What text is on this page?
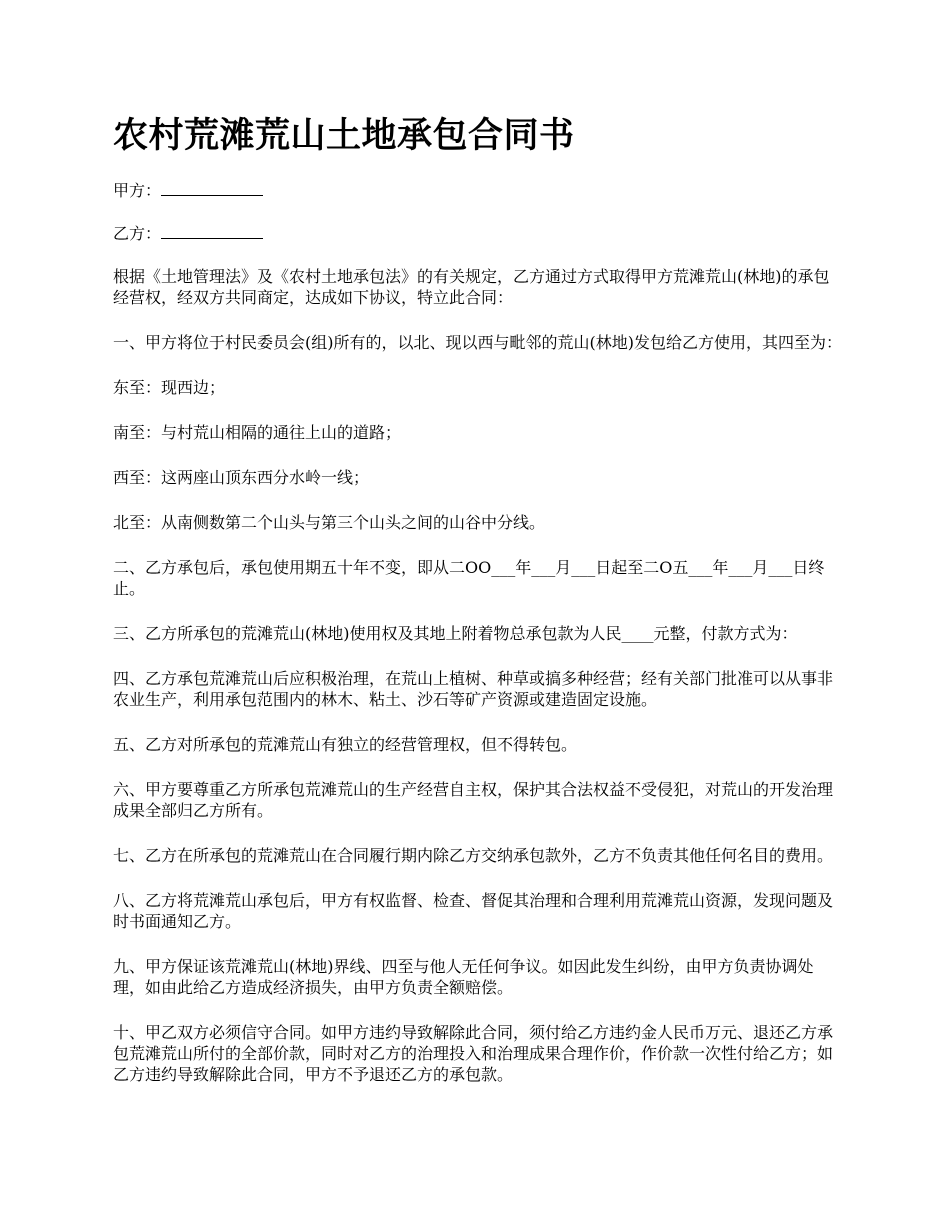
农村荒滩荒山土地承包合同书

甲方：

乙方：

根据《土地管理法》及《农村土地承包法》的有关规定，乙方通过方式取得甲方荒滩荒山(林地)的承包经营权，经双方共同商定，达成如下协议，特立此合同：

一、甲方将位于村民委员会(组)所有的，以北、现以西与毗邻的荒山(林地)发包给乙方使用，其四至为：

东至：现西边；

南至：与村荒山相隔的通往上山的道路；

西至：这两座山顶东西分水岭一线；

北至：从南侧数第二个山头与第三个山头之间的山谷中分线。

二、乙方承包后，承包使用期五十年不变，即从二OO___年___月___日起至二O五___年___月___日终止。

三、乙方所承包的荒滩荒山(林地)使用权及其地上附着物总承包款为人民____元整，付款方式为：

四、乙方承包荒滩荒山后应积极治理，在荒山上植树、种草或搞多种经营；经有关部门批准可以从事非农业生产，利用承包范围内的林木、粘土、沙石等矿产资源或建造固定设施。

五、乙方对所承包的荒滩荒山有独立的经营管理权，但不得转包。

六、甲方要尊重乙方所承包荒滩荒山的生产经营自主权，保护其合法权益不受侵犯，对荒山的开发治理成果全部归乙方所有。

七、乙方在所承包的荒滩荒山在合同履行期内除乙方交纳承包款外，乙方不负责其他任何名目的费用。

八、乙方将荒滩荒山承包后，甲方有权监督、检查、督促其治理和合理利用荒滩荒山资源，发现问题及时书面通知乙方。

九、甲方保证该荒滩荒山(林地)界线、四至与他人无任何争议。如因此发生纠纷，由甲方负责协调处理，如由此给乙方造成经济损失，由甲方负责全额赔偿。

十、甲乙双方必须信守合同。如甲方违约导致解除此合同，须付给乙方违约金人民币万元、退还乙方承包荒滩荒山所付的全部价款，同时对乙方的治理投入和治理成果合理作价，作价款一次性付给乙方；如乙方违约导致解除此合同，甲方不予退还乙方的承包款。
